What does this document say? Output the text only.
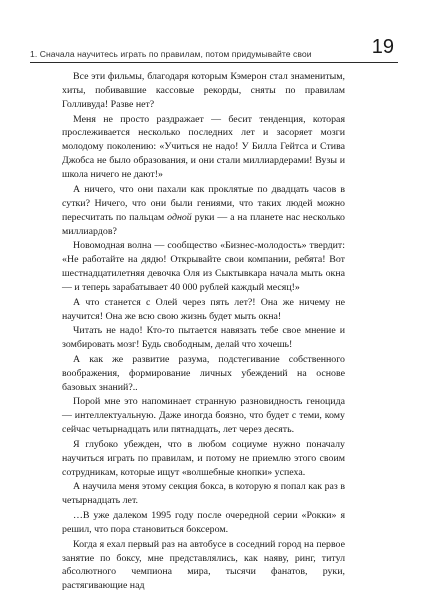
1. Сначала научитесь играть по правилам, потом придумывайте свои	19

Все эти фильмы, благодаря которым Кэмерон стал знаменитым, хиты, побивавшие кассовые рекорды, сняты по правилам Голливуда! Разве нет?

Меня не просто раздражает — бесит тенденция, которая прослеживается несколько последних лет и засоряет мозги молодому поколению: «Учиться не надо! У Билла Гейтса и Стива Джобса не было образования, и они стали миллиардерами! Вузы и школа ничего не дают!»

А ничего, что они пахали как проклятые по двадцать часов в сутки? Ничего, что они были гениями, что таких людей можно пересчитать по пальцам одной руки — а на планете нас несколько миллиардов?

Новомодная волна — сообщество «Бизнес-молодость» твердит: «Не работайте на дядю! Открывайте свои компании, ребята! Вот шестнадцатилетняя девочка Оля из Сыктывкара начала мыть окна — и теперь зарабатывает 40 000 рублей каждый месяц!»

А что станется с Олей через пять лет?! Она же ничему не научится! Она же всю свою жизнь будет мыть окна!

Читать не надо! Кто-то пытается навязать тебе свое мнение и зомбировать мозг! Будь свободным, делай что хочешь!

А как же развитие разума, подстегивание собственного воображения, формирование личных убеждений на основе базовых знаний?..

Порой мне это напоминает странную разновидность геноцида — интеллектуальную. Даже иногда боязно, что будет с теми, кому сейчас четырнадцать или пятнадцать, лет через десять.

Я глубоко убежден, что в любом социуме нужно поначалу научиться играть по правилам, и потому не приемлю этого своим сотрудникам, которые ищут «волшебные кнопки» успеха.

А научила меня этому секция бокса, в которую я попал как раз в четырнадцать лет.

…В уже далеком 1995 году после очередной серии «Рокки» я решил, что пора становиться боксером.

Когда я ехал первый раз на автобусе в соседний город на первое занятие по боксу, мне представлялись, как наяву, ринг, титул абсолютного чемпиона мира, тысячи фанатов, руки, растягивающие над
